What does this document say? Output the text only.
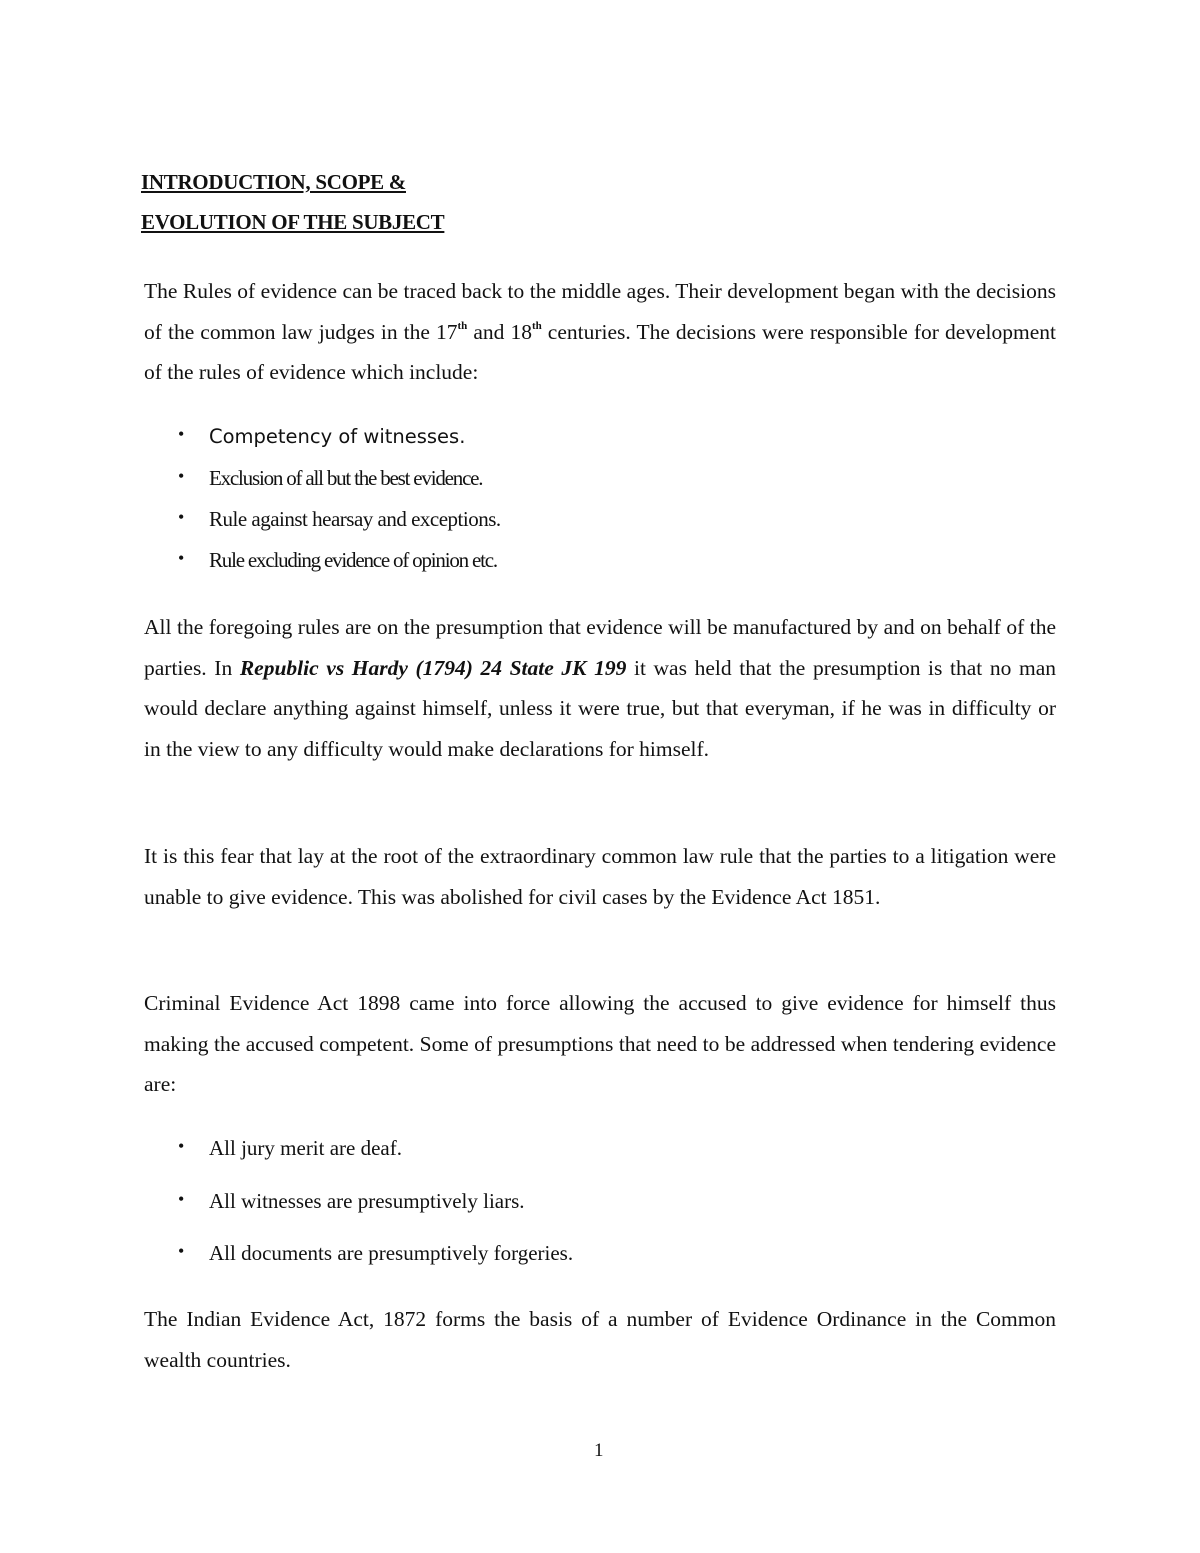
INTRODUCTION, SCOPE &

EVOLUTION OF THE SUBJECT

The Rules of evidence can be traced back to the middle ages. Their development began with the decisions of the common law judges in the 17th and 18th centuries. The decisions were responsible for development of the rules of evidence which include:

• Competency of witnesses.
• Exclusion of all but the best evidence.
• Rule against hearsay and exceptions.
• Rule excluding evidence of opinion etc.

All the foregoing rules are on the presumption that evidence will be manufactured by and on behalf of the parties. In Republic vs Hardy (1794) 24 State JK 199 it was held that the presumption is that no man would declare anything against himself, unless it were true, but that everyman, if he was in difficulty or in the view to any difficulty would make declarations for himself.

It is this fear that lay at the root of the extraordinary common law rule that the parties to a litigation were unable to give evidence. This was abolished for civil cases by the Evidence Act 1851.

Criminal Evidence Act 1898 came into force allowing the accused to give evidence for himself thus making the accused competent. Some of presumptions that need to be addressed when tendering evidence are:

• All jury merit are deaf.
• All witnesses are presumptively liars.
• All documents are presumptively forgeries.

The Indian Evidence Act, 1872 forms the basis of a number of Evidence Ordinance in the Common wealth countries.

1
